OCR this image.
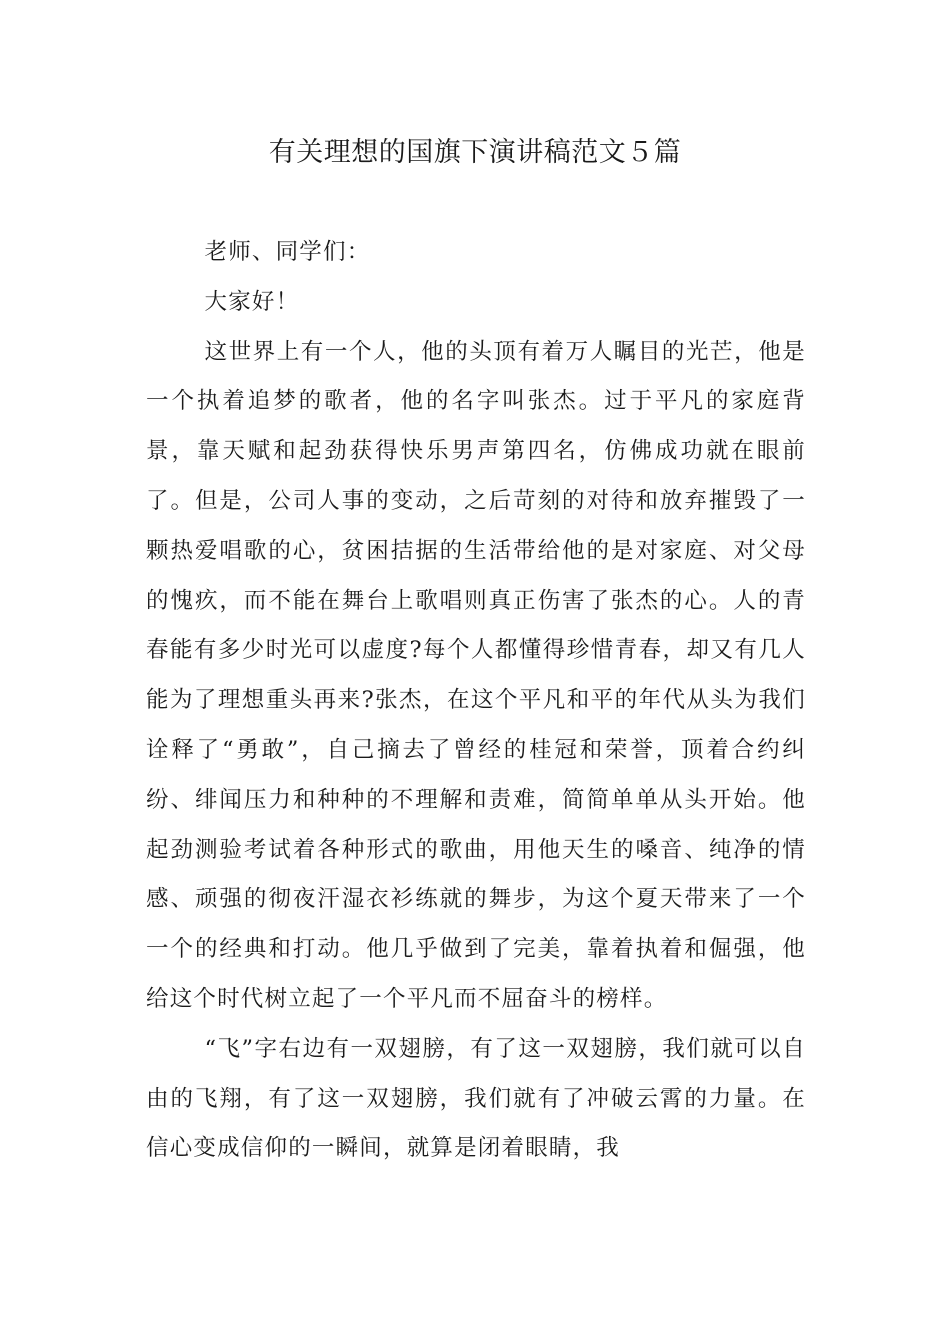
有关理想的国旗下演讲稿范文５篇

老师、同学们：

大家好！

这世界上有一个人，他的头顶有着万人瞩目的光芒，他是一个执着追梦的歌者，他的名字叫张杰。过于平凡的家庭背景，靠天赋和起劲获得快乐男声第四名，仿佛成功就在眼前了。但是，公司人事的变动，之后苛刻的对待和放弃摧毁了一颗热爱唱歌的心，贫困拮据的生活带给他的是对家庭、对父母的愧疚，而不能在舞台上歌唱则真正伤害了张杰的心。人的青春能有多少时光可以虚度?每个人都懂得珍惜青春，却又有几人能为了理想重头再来?张杰，在这个平凡和平的年代从头为我们诠释了“勇敢”，自己摘去了曾经的桂冠和荣誉，顶着合约纠纷、绯闻压力和种种的不理解和责难，简简单单从头开始。他起劲测验考试着各种形式的歌曲，用他天生的嗓音、纯净的情感、顽强的彻夜汗湿衣衫练就的舞步，为这个夏天带来了一个一个的经典和打动。他几乎做到了完美，靠着执着和倔强，他给这个时代树立起了一个平凡而不屈奋斗的榜样。

“飞”字右边有一双翅膀，有了这一双翅膀，我们就可以自由的飞翔，有了这一双翅膀，我们就有了冲破云霄的力量。在信心变成信仰的一瞬间，就算是闭着眼睛，我
